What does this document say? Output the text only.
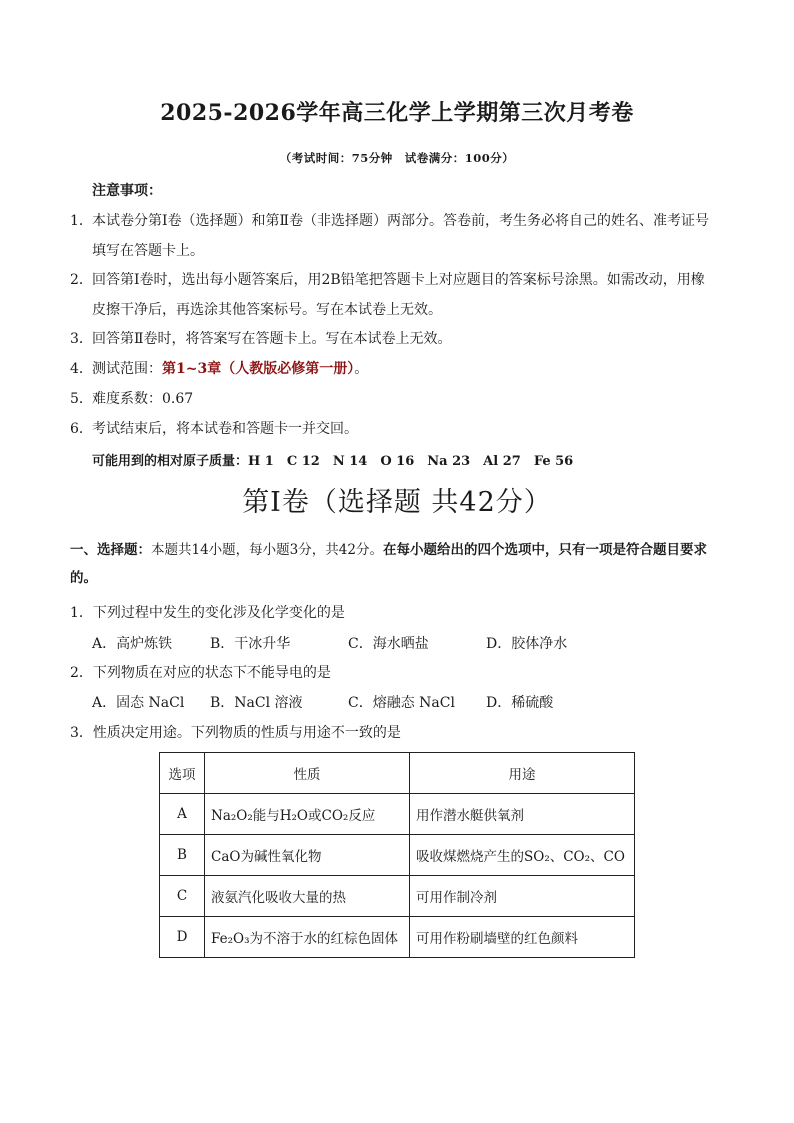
2025-2026学年高三化学上学期第三次月考卷
（考试时间：75分钟　试卷满分：100分）
注意事项：
1．本试卷分第Ⅰ卷（选择题）和第Ⅱ卷（非选择题）两部分。答卷前，考生务必将自己的姓名、准考证号
填写在答题卡上。
2．回答第Ⅰ卷时，选出每小题答案后，用2B铅笔把答题卡上对应题目的答案标号涂黑。如需改动，用橡
皮擦干净后，再选涂其他答案标号。写在本试卷上无效。
3．回答第Ⅱ卷时，将答案写在答题卡上。写在本试卷上无效。
4．测试范围：第1~3章（人教版必修第一册）。
5．难度系数：0.67
6．考试结束后，将本试卷和答题卡一并交回。
可能用到的相对原子质量：H 1　C 12　N 14　O 16　Na 23　Al 27　Fe 56
第Ⅰ卷（选择题 共42分）
一、选择题：本题共14小题，每小题3分，共42分。在每小题给出的四个选项中，只有一项是符合题目要求的。
1．下列过程中发生的变化涉及化学变化的是
A．高炉炼铁	B．干冰升华	C．海水晒盐	D．胶体净水
2．下列物质在对应的状态下不能导电的是
A．固态 NaCl B．NaCl 溶液	C．熔融态 NaCl D．稀硫酸
3．性质决定用途。下列物质的性质与用途不一致的是
选项	性质	用途
A	Na₂O₂能与H₂O或CO₂反应	用作潜水艇供氧剂
B	CaO为碱性氧化物	吸收煤燃烧产生的SO₂、CO₂、CO
C	液氨汽化吸收大量的热	可用作制冷剂
D	Fe₂O₃为不溶于水的红棕色固体	可用作粉刷墙壁的红色颜料
